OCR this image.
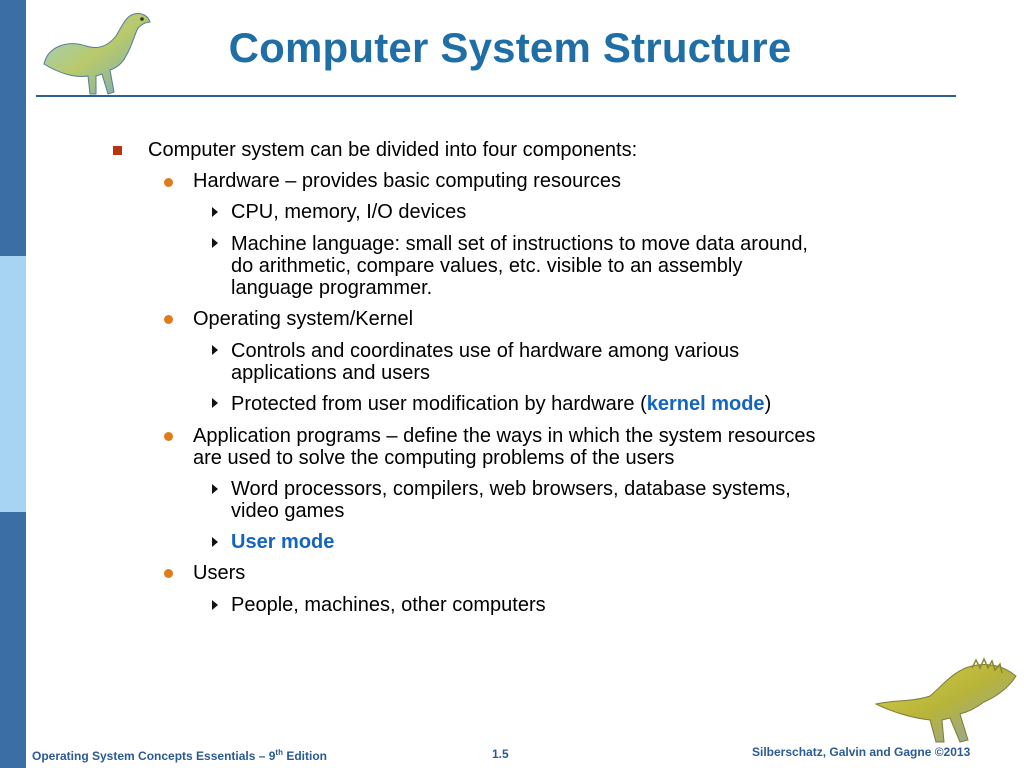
Computer System Structure
Computer system can be divided into four components:
Hardware – provides basic computing resources
CPU, memory, I/O devices
Machine language: small set of instructions to move data around,
do arithmetic, compare values, etc. visible to an assembly
language programmer.
Operating system/Kernel
Controls and coordinates use of hardware among various
applications and users
Protected from user modification by hardware (kernel mode)
Application programs – define the ways in which the system resources
are used to solve the computing problems of the users
Word processors, compilers, web browsers, database systems,
video games
User mode
Users
People, machines, other computers
Operating System Concepts Essentials – 9th Edition	1.5	Silberschatz, Galvin and Gagne ©2013
